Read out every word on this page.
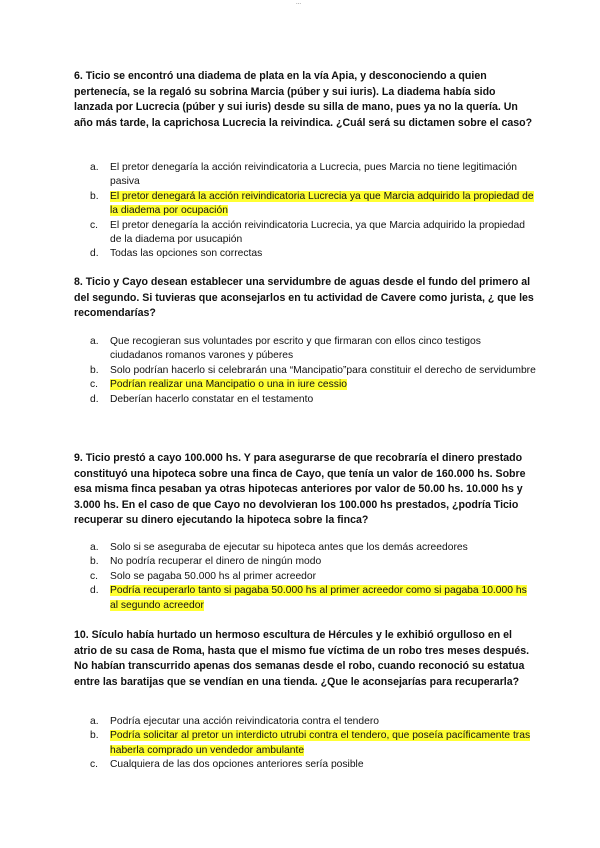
...

6. Ticio se encontró una diadema de plata en la vía Apia, y desconociendo a quien pertenecía, se la regaló su sobrina Marcia (púber y sui iuris). La diadema había sido lanzada por Lucrecia (púber y sui iuris) desde su silla de mano, pues ya no la quería. Un año más tarde, la caprichosa Lucrecia la reivindica. ¿Cuál será su dictamen sobre el caso?

a. El pretor denegaría la acción reivindicatoria a Lucrecia, pues Marcia no tiene legitimación pasiva
b. El pretor denegará la acción reivindicatoria Lucrecia ya que Marcia adquirido la propiedad de la diadema por ocupación
c. El pretor denegaría la acción reivindicatoria Lucrecia, ya que Marcia adquirido la propiedad de la diadema por usucapión
d. Todas las opciones son correctas

8. Ticio y Cayo desean establecer una servidumbre de aguas desde el fundo del primero al del segundo. Si tuvieras que aconsejarlos en tu actividad de Cavere como jurista, ¿ que les recomendarías?

a. Que recogieran sus voluntades por escrito y que firmaran con ellos cinco testigos ciudadanos romanos varones y púberes
b. Solo podrían hacerlo si celebrarán una “Mancipatio”para constituir el derecho de servidumbre
c. Podrían realizar una Mancipatio o una in iure cessio
d. Deberían hacerlo constatar en el testamento

9. Ticio prestó a cayo 100.000 hs. Y para asegurarse de que recobraría el dinero prestado constituyó una hipoteca sobre una finca de Cayo, que tenía un valor de 160.000 hs. Sobre esa misma finca pesaban ya otras hipotecas anteriores por valor de 50.00 hs. 10.000 hs y 3.000 hs. En el caso de que Cayo no devolvieran los 100.000 hs prestados, ¿podría Ticio recuperar su dinero ejecutando la hipoteca sobre la finca?

a. Solo si se aseguraba de ejecutar su hipoteca antes que los demás acreedores
b. No podría recuperar el dinero de ningún modo
c. Solo se pagaba 50.000 hs al primer acreedor
d. Podría recuperarlo tanto si pagaba 50.000 hs al primer acreedor como si pagaba 10.000 hs al segundo acreedor

10. Sículo había hurtado un hermoso escultura de Hércules y le exhibió orgulloso en el atrio de su casa de Roma, hasta que el mismo fue víctima de un robo tres meses después. No habían transcurrido apenas dos semanas desde el robo, cuando reconoció su estatua entre las baratijas que se vendían en una tienda. ¿Que le aconsejarías para recuperarla?

a. Podría ejecutar una acción reivindicatoria contra el tendero
b. Podría solicitar al pretor un interdicto utrubi contra el tendero, que poseía pacíficamente tras haberla comprado un vendedor ambulante
c. Cualquiera de las dos opciones anteriores sería posible
